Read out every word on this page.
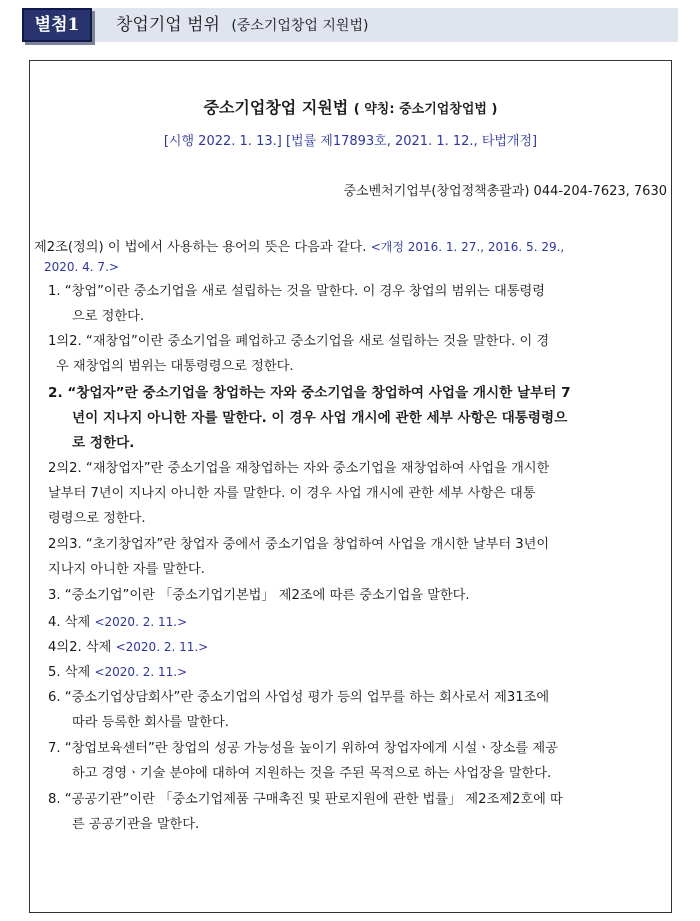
별첨1	창업기업 범위 (중소기업창업 지원법)
중소기업창업 지원법 ( 약칭: 중소기업창업법 )
[시행 2022. 1. 13.] [법률 제17893호, 2021. 1. 12., 타법개정]
중소벤처기업부(창업정책총괄과) 044-204-7623, 7630
제2조(정의) 이 법에서 사용하는 용어의 뜻은 다음과 같다. <개정 2016. 1. 27., 2016. 5. 29.,
2020. 4. 7.>
1. “창업”이란 중소기업을 새로 설립하는 것을 말한다. 이 경우 창업의 범위는 대통령령
으로 정한다.
1의2. “재창업”이란 중소기업을 폐업하고 중소기업을 새로 설립하는 것을 말한다. 이 경
우 재창업의 범위는 대통령령으로 정한다.
2. “창업자”란 중소기업을 창업하는 자와 중소기업을 창업하여 사업을 개시한 날부터 7
년이 지나지 아니한 자를 말한다. 이 경우 사업 개시에 관한 세부 사항은 대통령령으
로 정한다.
2의2. “재창업자”란 중소기업을 재창업하는 자와 중소기업을 재창업하여 사업을 개시한
날부터 7년이 지나지 아니한 자를 말한다. 이 경우 사업 개시에 관한 세부 사항은 대통
령령으로 정한다.
2의3. “초기창업자”란 창업자 중에서 중소기업을 창업하여 사업을 개시한 날부터 3년이
지나지 아니한 자를 말한다.
3. “중소기업”이란 「중소기업기본법」 제2조에 따른 중소기업을 말한다.
4. 삭제 <2020. 2. 11.>
4의2. 삭제 <2020. 2. 11.>
5. 삭제 <2020. 2. 11.>
6. “중소기업상담회사”란 중소기업의 사업성 평가 등의 업무를 하는 회사로서 제31조에
따라 등록한 회사를 말한다.
7. “창업보육센터”란 창업의 성공 가능성을 높이기 위하여 창업자에게 시설ㆍ장소를 제공
하고 경영ㆍ기술 분야에 대하여 지원하는 것을 주된 목적으로 하는 사업장을 말한다.
8. “공공기관”이란 「중소기업제품 구매촉진 및 판로지원에 관한 법률」 제2조제2호에 따
른 공공기관을 말한다.
